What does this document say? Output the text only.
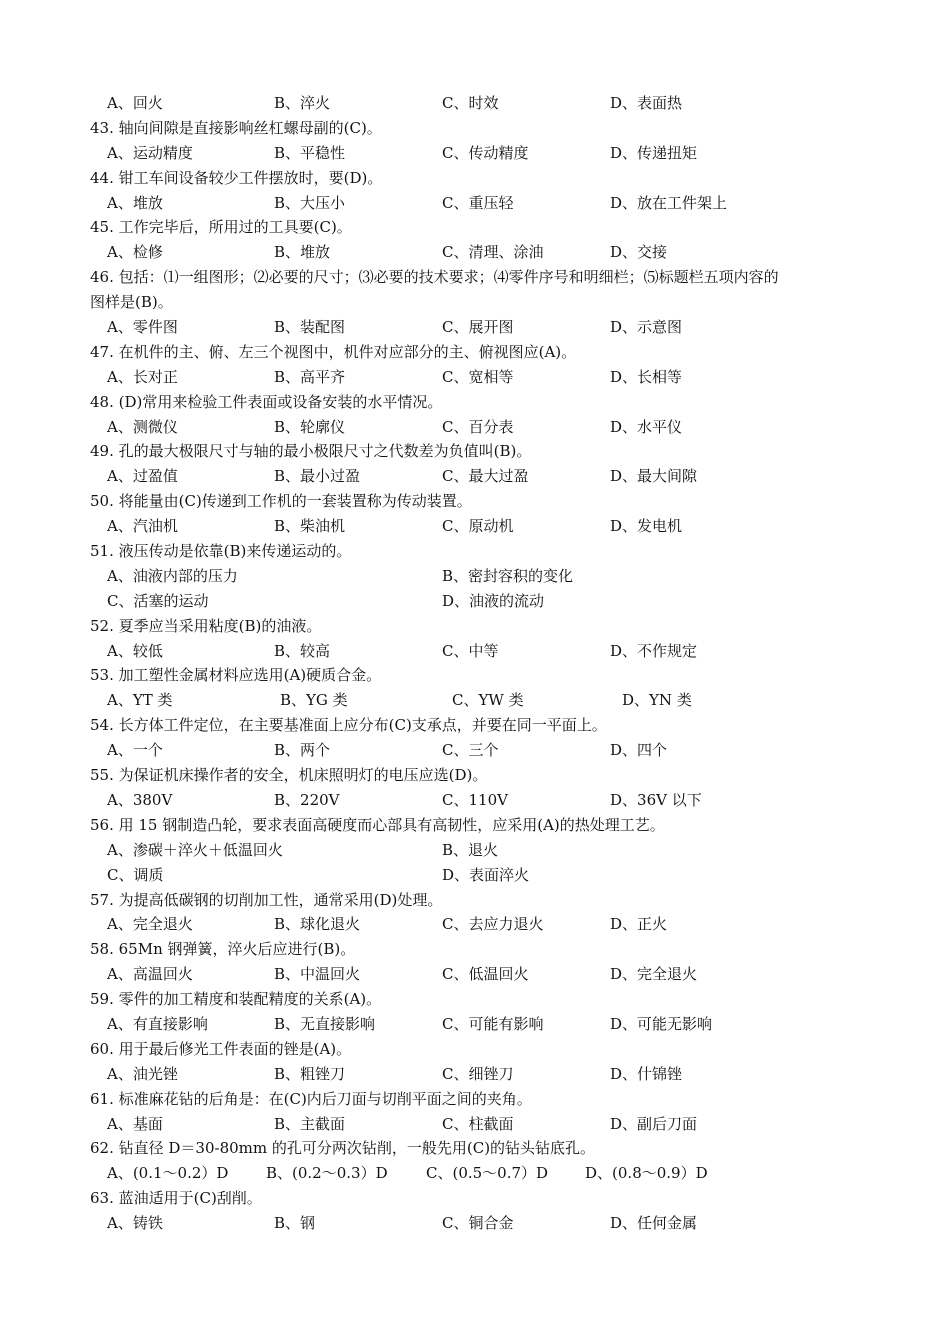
A、回火	B、淬火	C、时效	D、表面热
43. 轴向间隙是直接影响丝杠螺母副的(C)。
A、运动精度	B、平稳性	C、传动精度	D、传递扭矩
44. 钳工车间设备较少工件摆放时，要(D)。
A、堆放	B、大压小	C、重压轻	D、放在工件架上
45. 工作完毕后，所用过的工具要(C)。
A、检修	B、堆放	C、清理、涂油	D、交接
46. 包括：⑴一组图形；⑵必要的尺寸；⑶必要的技术要求；⑷零件序号和明细栏；⑸标题栏五项内容的
图样是(B)。
A、零件图	B、装配图	C、展开图	D、示意图
47. 在机件的主、俯、左三个视图中，机件对应部分的主、俯视图应(A)。
A、长对正	B、高平齐	C、宽相等	D、长相等
48. (D)常用来检验工件表面或设备安装的水平情况。
A、测微仪	B、轮廓仪	C、百分表	D、水平仪
49. 孔的最大极限尺寸与轴的最小极限尺寸之代数差为负值叫(B)。
A、过盈值	B、最小过盈	C、最大过盈	D、最大间隙
50. 将能量由(C)传递到工作机的一套装置称为传动装置。
A、汽油机	B、柴油机	C、原动机	D、发电机
51. 液压传动是依靠(B)来传递运动的。
A、油液内部的压力	B、密封容积的变化
C、活塞的运动	D、油液的流动
52. 夏季应当采用粘度(B)的油液。
A、较低	B、较高	C、中等	D、不作规定
53. 加工塑性金属材料应选用(A)硬质合金。
A、YT 类	B、YG 类	C、YW 类	D、YN 类
54. 长方体工件定位，在主要基准面上应分布(C)支承点，并要在同一平面上。
A、一个	B、两个	C、三个	D、四个
55. 为保证机床操作者的安全，机床照明灯的电压应选(D)。
A、380V	B、220V	C、110V	D、36V 以下
56. 用 15 钢制造凸轮，要求表面高硬度而心部具有高韧性，应采用(A)的热处理工艺。
A、渗碳＋淬火＋低温回火	B、退火
C、调质	D、表面淬火
57. 为提高低碳钢的切削加工性，通常采用(D)处理。
A、完全退火	B、球化退火	C、去应力退火	D、正火
58. 65Mn 钢弹簧，淬火后应进行(B)。
A、高温回火	B、中温回火	C、低温回火	D、完全退火
59. 零件的加工精度和装配精度的关系(A)。
A、有直接影响	B、无直接影响	C、可能有影响	D、可能无影响
60. 用于最后修光工件表面的锉是(A)。
A、油光锉	B、粗锉刀	C、细锉刀	D、什锦锉
61. 标准麻花钻的后角是：在(C)内后刀面与切削平面之间的夹角。
A、基面	B、主截面	C、柱截面	D、副后刀面
62. 钻直径 D＝30-80mm 的孔可分两次钻削，一般先用(C)的钻头钻底孔。
A、(0.1～0.2）D	B、(0.2～0.3）D	C、(0.5～0.7）D D、(0.8～0.9）D
63. 蓝油适用于(C)刮削。
A、铸铁	B、钢	C、铜合金	D、任何金属
